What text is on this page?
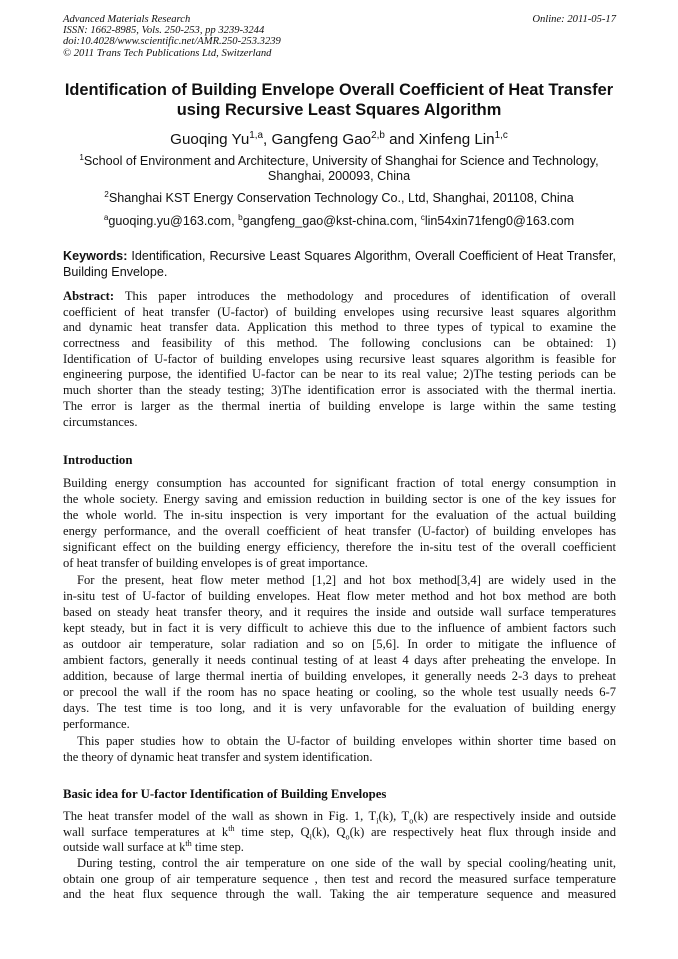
Advanced Materials Research
ISSN: 1662-8985, Vols. 250-253, pp 3239-3244
doi:10.4028/www.scientific.net/AMR.250-253.3239
© 2011 Trans Tech Publications Ltd, Switzerland
Online: 2011-05-17
Identification of Building Envelope Overall Coefficient of Heat Transfer
using Recursive Least Squares Algorithm
Guoqing Yu$^{1,a}$, Gangfeng Gao$^{2,b}$ and Xinfeng Lin$^{1,c}$
$^1$School of Environment and Architecture, University of Shanghai for Science and Technology,
Shanghai, 200093, China
$^2$Shanghai KST Energy Conservation Technology Co., Ltd, Shanghai, 201108, China
$^a$guoqing.yu@163.com, $^b$gangfeng_gao@kst-china.com, $^c$lin54xin71feng0@163.com
Keywords: Identification, Recursive Least Squares Algorithm, Overall Coefficient of Heat Transfer, Building Envelope.
Abstract: This paper introduces the methodology and procedures of identification of overall
coefficient of heat transfer (U-factor) of building envelopes using recursive least squares algorithm
and dynamic heat transfer data. Application this method to three types of typical to examine the
correctness and feasibility of this method. The following conclusions can be obtained: 1)
Identification of U-factor of building envelopes using recursive least squares algorithm is feasible for
engineering purpose, the identified U-factor can be near to its real value; 2)The testing periods can be
much shorter than the steady testing; 3)The identification error is associated with the thermal inertia.
The error is larger as the thermal inertia of building envelope is large within the same testing
circumstances.
Introduction
Building energy consumption has accounted for significant fraction of total energy consumption in
the whole society. Energy saving and emission reduction in building sector is one of the key issues for
the whole world. The in-situ inspection is very important for the evaluation of the actual building
energy performance, and the overall coefficient of heat transfer (U-factor) of building envelopes has
significant effect on the building energy efficiency, therefore the in-situ test of the overall coefficient
of heat transfer of building envelopes is of great importance.
For the present, heat flow meter method [1,2] and hot box method[3,4] are widely used in the
in-situ test of U-factor of building envelopes. Heat flow meter method and hot box method are both
based on steady heat transfer theory, and it requires the inside and outside wall surface temperatures
kept steady, but in fact it is very difficult to achieve this due to the influence of ambient factors such
as outdoor air temperature, solar radiation and so on [5,6]. In order to mitigate the influence of
ambient factors, generally it needs continual testing of at least 4 days after preheating the envelope. In
addition, because of large thermal inertia of building envelopes, it generally needs 2-3 days to preheat
or precool the wall if the room has no space heating or cooling, so the whole test usually needs 6-7
days. The test time is too long, and it is very unfavorable for the evaluation of building energy
performance.
This paper studies how to obtain the U-factor of building envelopes within shorter time based on
the theory of dynamic heat transfer and system identification.
Basic idea for U-factor Identification of Building Envelopes
The heat transfer model of the wall as shown in Fig. 1, $T_i(k)$, $T_o(k)$ are respectively inside and outside
wall surface temperatures at $k^{th}$ time step, $Q_i(k)$, $Q_o(k)$ are respectively heat flux through inside and
outside wall surface at $k^{th}$ time step.
During testing, control the air temperature on one side of the wall by special cooling/heating unit,
obtain one group of air temperature sequence , then test and record the measured surface temperature
and the heat flux sequence through the wall. Taking the air temperature sequence and measured
